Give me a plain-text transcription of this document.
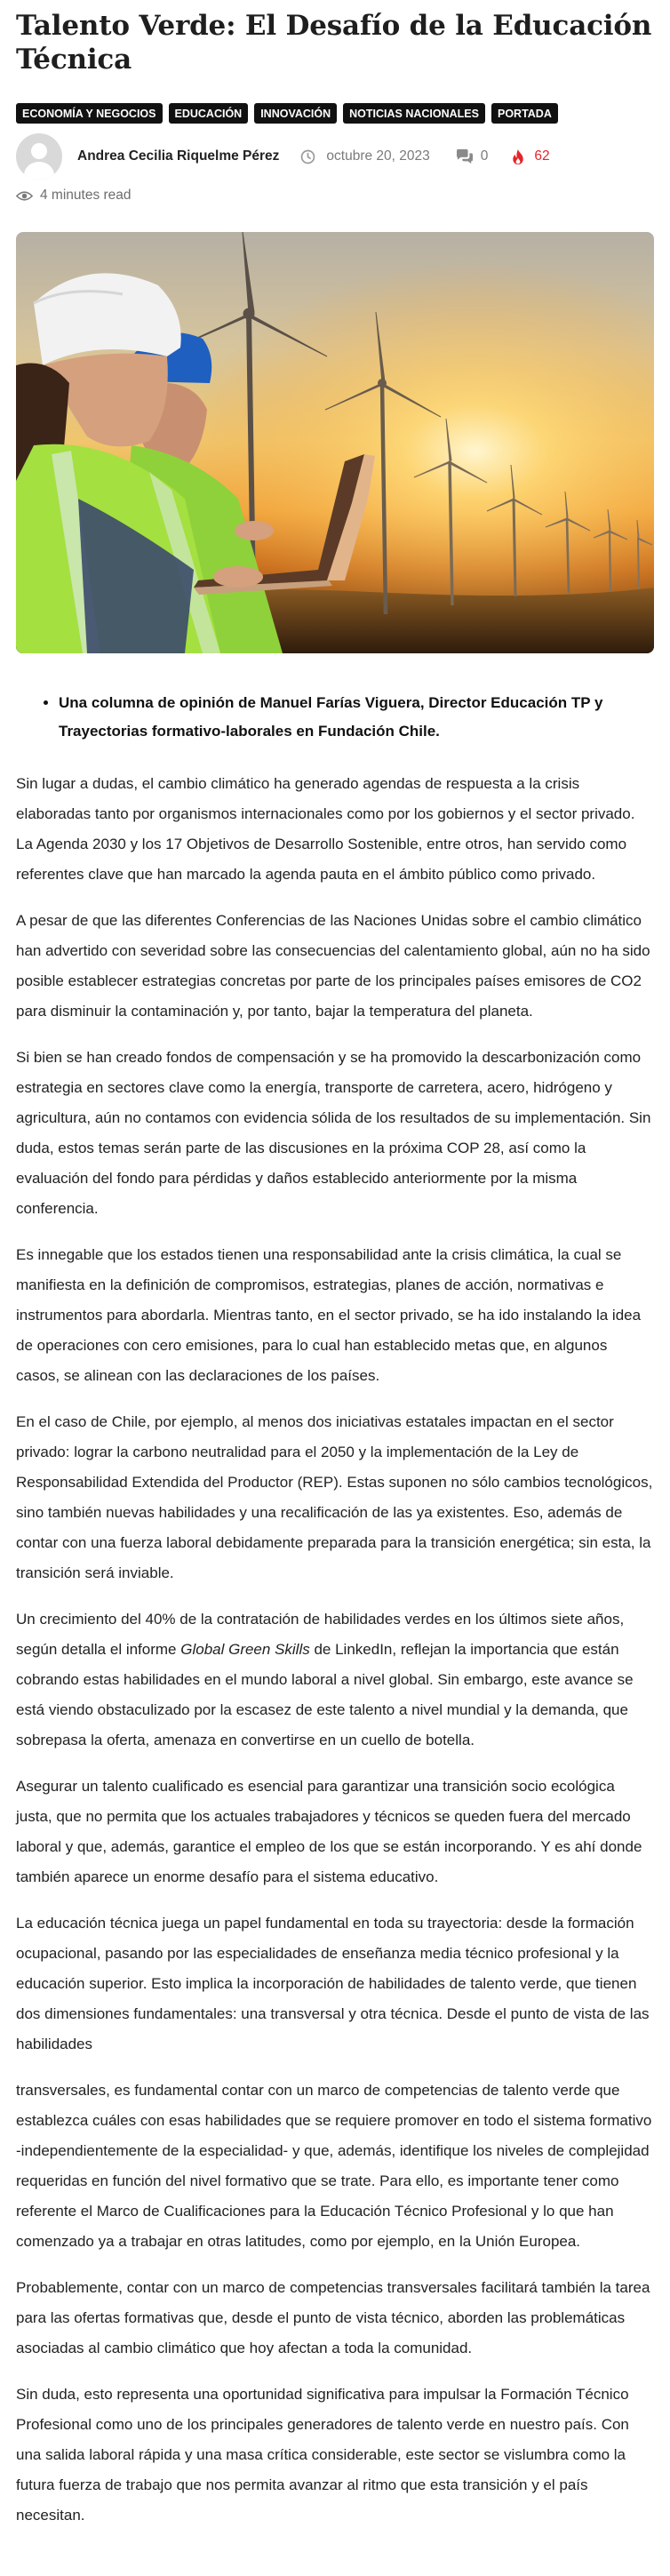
Talento Verde: El Desafío de la Educación Técnica
ECONOMÍA Y NEGOCIOS	EDUCACIÓN	INNOVACIÓN	NOTICIAS NACIONALES	PORTADA
Andrea Cecilia Riquelme Pérez	octubre 20, 2023	0	62
4 minutes read
• Una columna de opinión de Manuel Farías Viguera, Director Educación TP y Trayectorias formativo-laborales en Fundación Chile.

Sin lugar a dudas, el cambio climático ha generado agendas de respuesta a la crisis elaboradas tanto por organismos internacionales como por los gobiernos y el sector privado. La Agenda 2030 y los 17 Objetivos de Desarrollo Sostenible, entre otros, han servido como referentes clave que han marcado la agenda pauta en el ámbito público como privado.

A pesar de que las diferentes Conferencias de las Naciones Unidas sobre el cambio climático han advertido con severidad sobre las consecuencias del calentamiento global, aún no ha sido posible establecer estrategias concretas por parte de los principales países emisores de CO2 para disminuir la contaminación y, por tanto, bajar la temperatura del planeta.

Si bien se han creado fondos de compensación y se ha promovido la descarbonización como estrategia en sectores clave como la energía, transporte de carretera, acero, hidrógeno y agricultura, aún no contamos con evidencia sólida de los resultados de su implementación. Sin duda, estos temas serán parte de las discusiones en la próxima COP 28, así como la evaluación del fondo para pérdidas y daños establecido anteriormente por la misma conferencia.

Es innegable que los estados tienen una responsabilidad ante la crisis climática, la cual se manifiesta en la definición de compromisos, estrategias, planes de acción, normativas e instrumentos para abordarla. Mientras tanto, en el sector privado, se ha ido instalando la idea de operaciones con cero emisiones, para lo cual han establecido metas que, en algunos casos, se alinean con las declaraciones de los países.

En el caso de Chile, por ejemplo, al menos dos iniciativas estatales impactan en el sector privado: lograr la carbono neutralidad para el 2050 y la implementación de la Ley de Responsabilidad Extendida del Productor (REP). Estas suponen no sólo cambios tecnológicos, sino también nuevas habilidades y una recalificación de las ya existentes. Eso, además de contar con una fuerza laboral debidamente preparada para la transición energética; sin esta, la transición será inviable.

Un crecimiento del 40% de la contratación de habilidades verdes en los últimos siete años, según detalla el informe Global Green Skills de LinkedIn, reflejan la importancia que están cobrando estas habilidades en el mundo laboral a nivel global. Sin embargo, este avance se está viendo obstaculizado por la escasez de este talento a nivel mundial y la demanda, que sobrepasa la oferta, amenaza en convertirse en un cuello de botella.

Asegurar un talento cualificado es esencial para garantizar una transición socio ecológica justa, que no permita que los actuales trabajadores y técnicos se queden fuera del mercado laboral y que, además, garantice el empleo de los que se están incorporando. Y es ahí donde también aparece un enorme desafío para el sistema educativo.

La educación técnica juega un papel fundamental en toda su trayectoria: desde la formación ocupacional, pasando por las especialidades de enseñanza media técnico profesional y la educación superior. Esto implica la incorporación de habilidades de talento verde, que tienen dos dimensiones fundamentales: una transversal y otra técnica. Desde el punto de vista de las habilidades

transversales, es fundamental contar con un marco de competencias de talento verde que establezca cuáles con esas habilidades que se requiere promover en todo el sistema formativo -independientemente de la especialidad- y que, además, identifique los niveles de complejidad requeridas en función del nivel formativo que se trate. Para ello, es importante tener como referente el Marco de Cualificaciones para la Educación Técnico Profesional y lo que han comenzado ya a trabajar en otras latitudes, como por ejemplo, en la Unión Europea.

Probablemente, contar con un marco de competencias transversales facilitará también la tarea para las ofertas formativas que, desde el punto de vista técnico, aborden las problemáticas asociadas al cambio climático que hoy afectan a toda la comunidad.

Sin duda, esto representa una oportunidad significativa para impulsar la Formación Técnico Profesional como uno de los principales generadores de talento verde en nuestro país. Con una salida laboral rápida y una masa crítica considerable, este sector se vislumbra como la futura fuerza de trabajo que nos permita avanzar al ritmo que esta transición y el país necesitan.
